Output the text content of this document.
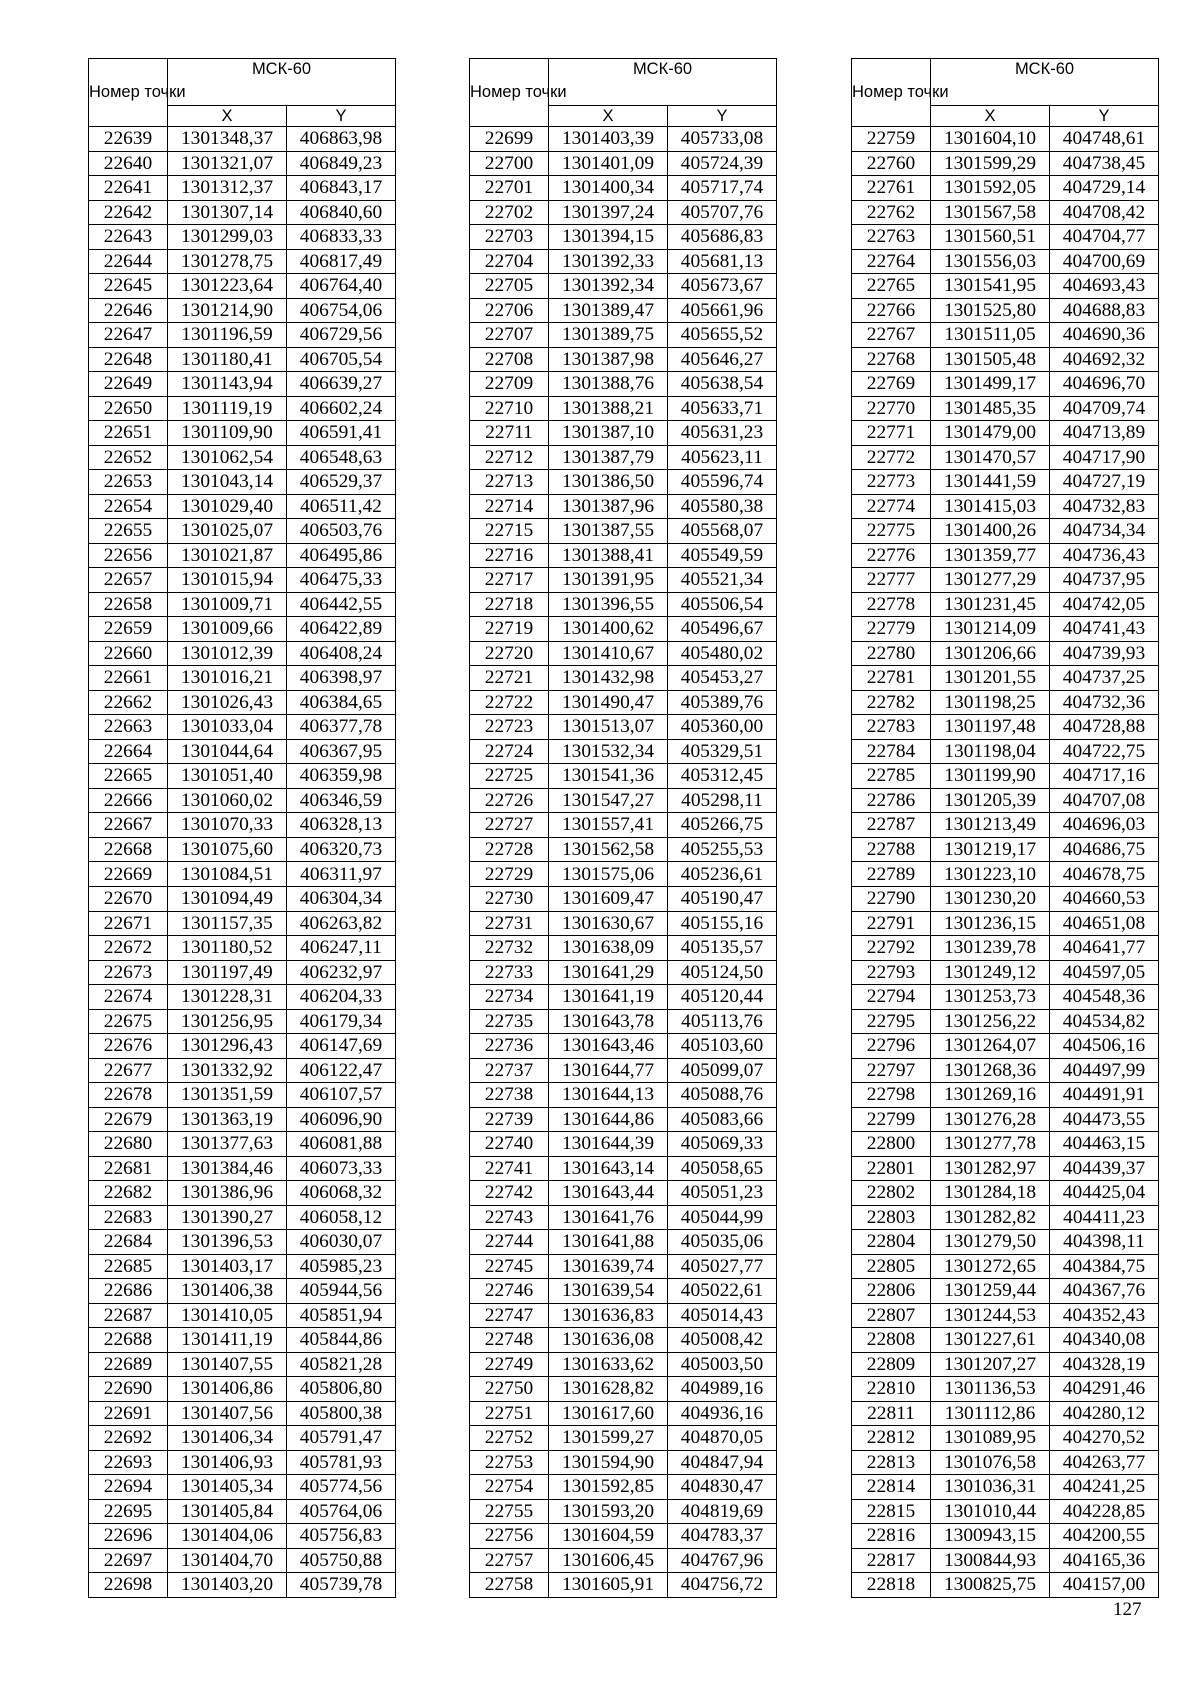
Номер точки	МСК-60	
	X	Y
22639	1301348,37	406863,98
22640	1301321,07	406849,23
22641	1301312,37	406843,17
22642	1301307,14	406840,60
22643	1301299,03	406833,33
22644	1301278,75	406817,49
22645	1301223,64	406764,40
22646	1301214,90	406754,06
22647	1301196,59	406729,56
22648	1301180,41	406705,54
22649	1301143,94	406639,27
22650	1301119,19	406602,24
22651	1301109,90	406591,41
22652	1301062,54	406548,63
22653	1301043,14	406529,37
22654	1301029,40	406511,42
22655	1301025,07	406503,76
22656	1301021,87	406495,86
22657	1301015,94	406475,33
22658	1301009,71	406442,55
22659	1301009,66	406422,89
22660	1301012,39	406408,24
22661	1301016,21	406398,97
22662	1301026,43	406384,65
22663	1301033,04	406377,78
22664	1301044,64	406367,95
22665	1301051,40	406359,98
22666	1301060,02	406346,59
22667	1301070,33	406328,13
22668	1301075,60	406320,73
22669	1301084,51	406311,97
22670	1301094,49	406304,34
22671	1301157,35	406263,82
22672	1301180,52	406247,11
22673	1301197,49	406232,97
22674	1301228,31	406204,33
22675	1301256,95	406179,34
22676	1301296,43	406147,69
22677	1301332,92	406122,47
22678	1301351,59	406107,57
22679	1301363,19	406096,90
22680	1301377,63	406081,88
22681	1301384,46	406073,33
22682	1301386,96	406068,32
22683	1301390,27	406058,12
22684	1301396,53	406030,07
22685	1301403,17	405985,23
22686	1301406,38	405944,56
22687	1301410,05	405851,94
22688	1301411,19	405844,86
22689	1301407,55	405821,28
22690	1301406,86	405806,80
22691	1301407,56	405800,38
22692	1301406,34	405791,47
22693	1301406,93	405781,93
22694	1301405,34	405774,56
22695	1301405,84	405764,06
22696	1301404,06	405756,83
22697	1301404,70	405750,88
22698	1301403,20	405739,78
Номер точки	МСК-60	
	X	Y
22699	1301403,39	405733,08
22700	1301401,09	405724,39
22701	1301400,34	405717,74
22702	1301397,24	405707,76
22703	1301394,15	405686,83
22704	1301392,33	405681,13
22705	1301392,34	405673,67
22706	1301389,47	405661,96
22707	1301389,75	405655,52
22708	1301387,98	405646,27
22709	1301388,76	405638,54
22710	1301388,21	405633,71
22711	1301387,10	405631,23
22712	1301387,79	405623,11
22713	1301386,50	405596,74
22714	1301387,96	405580,38
22715	1301387,55	405568,07
22716	1301388,41	405549,59
22717	1301391,95	405521,34
22718	1301396,55	405506,54
22719	1301400,62	405496,67
22720	1301410,67	405480,02
22721	1301432,98	405453,27
22722	1301490,47	405389,76
22723	1301513,07	405360,00
22724	1301532,34	405329,51
22725	1301541,36	405312,45
22726	1301547,27	405298,11
22727	1301557,41	405266,75
22728	1301562,58	405255,53
22729	1301575,06	405236,61
22730	1301609,47	405190,47
22731	1301630,67	405155,16
22732	1301638,09	405135,57
22733	1301641,29	405124,50
22734	1301641,19	405120,44
22735	1301643,78	405113,76
22736	1301643,46	405103,60
22737	1301644,77	405099,07
22738	1301644,13	405088,76
22739	1301644,86	405083,66
22740	1301644,39	405069,33
22741	1301643,14	405058,65
22742	1301643,44	405051,23
22743	1301641,76	405044,99
22744	1301641,88	405035,06
22745	1301639,74	405027,77
22746	1301639,54	405022,61
22747	1301636,83	405014,43
22748	1301636,08	405008,42
22749	1301633,62	405003,50
22750	1301628,82	404989,16
22751	1301617,60	404936,16
22752	1301599,27	404870,05
22753	1301594,90	404847,94
22754	1301592,85	404830,47
22755	1301593,20	404819,69
22756	1301604,59	404783,37
22757	1301606,45	404767,96
22758	1301605,91	404756,72
Номер точки	МСК-60	
	X	Y
22759	1301604,10	404748,61
22760	1301599,29	404738,45
22761	1301592,05	404729,14
22762	1301567,58	404708,42
22763	1301560,51	404704,77
22764	1301556,03	404700,69
22765	1301541,95	404693,43
22766	1301525,80	404688,83
22767	1301511,05	404690,36
22768	1301505,48	404692,32
22769	1301499,17	404696,70
22770	1301485,35	404709,74
22771	1301479,00	404713,89
22772	1301470,57	404717,90
22773	1301441,59	404727,19
22774	1301415,03	404732,83
22775	1301400,26	404734,34
22776	1301359,77	404736,43
22777	1301277,29	404737,95
22778	1301231,45	404742,05
22779	1301214,09	404741,43
22780	1301206,66	404739,93
22781	1301201,55	404737,25
22782	1301198,25	404732,36
22783	1301197,48	404728,88
22784	1301198,04	404722,75
22785	1301199,90	404717,16
22786	1301205,39	404707,08
22787	1301213,49	404696,03
22788	1301219,17	404686,75
22789	1301223,10	404678,75
22790	1301230,20	404660,53
22791	1301236,15	404651,08
22792	1301239,78	404641,77
22793	1301249,12	404597,05
22794	1301253,73	404548,36
22795	1301256,22	404534,82
22796	1301264,07	404506,16
22797	1301268,36	404497,99
22798	1301269,16	404491,91
22799	1301276,28	404473,55
22800	1301277,78	404463,15
22801	1301282,97	404439,37
22802	1301284,18	404425,04
22803	1301282,82	404411,23
22804	1301279,50	404398,11
22805	1301272,65	404384,75
22806	1301259,44	404367,76
22807	1301244,53	404352,43
22808	1301227,61	404340,08
22809	1301207,27	404328,19
22810	1301136,53	404291,46
22811	1301112,86	404280,12
22812	1301089,95	404270,52
22813	1301076,58	404263,77
22814	1301036,31	404241,25
22815	1301010,44	404228,85
22816	1300943,15	404200,55
22817	1300844,93	404165,36
22818	1300825,75	404157,00
127
